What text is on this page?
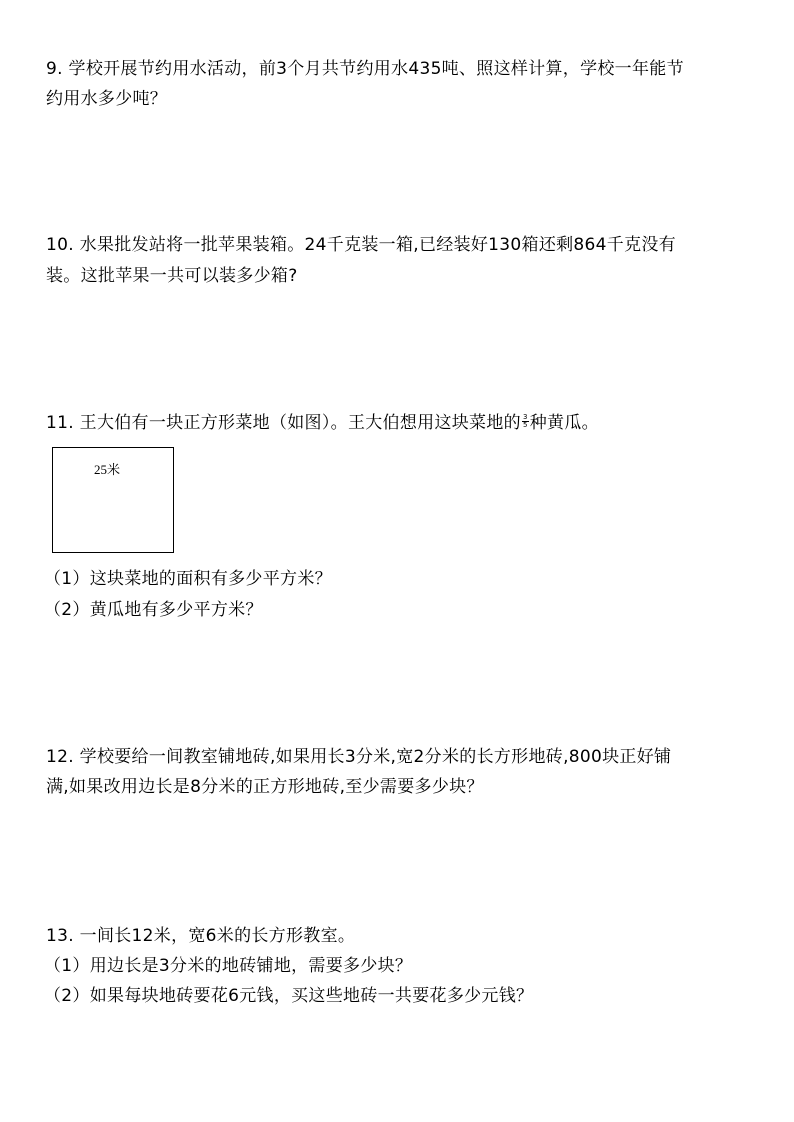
9. 学校开展节约用水活动，前3个月共节约用水435吨、照这样计算，学校一年能节
约用水多少吨？
10. 水果批发站将一批苹果装箱。24千克装一箱,已经装好130箱还剩864千克没有
装。这批苹果一共可以装多少箱?
11. 王大伯有一块正方形菜地（如图）。王大伯想用这块菜地的 $\frac{3}{5}$ 种黄瓜。
25米
（1）这块菜地的面积有多少平方米？
（2）黄瓜地有多少平方米？
12. 学校要给一间教室铺地砖,如果用长3分米,宽2分米的长方形地砖,800块正好铺
满,如果改用边长是8分米的正方形地砖,至少需要多少块？
13. 一间长12米，宽6米的长方形教室。
（1）用边长是3分米的地砖铺地，需要多少块？
（2）如果每块地砖要花6元钱，买这些地砖一共要花多少元钱？
